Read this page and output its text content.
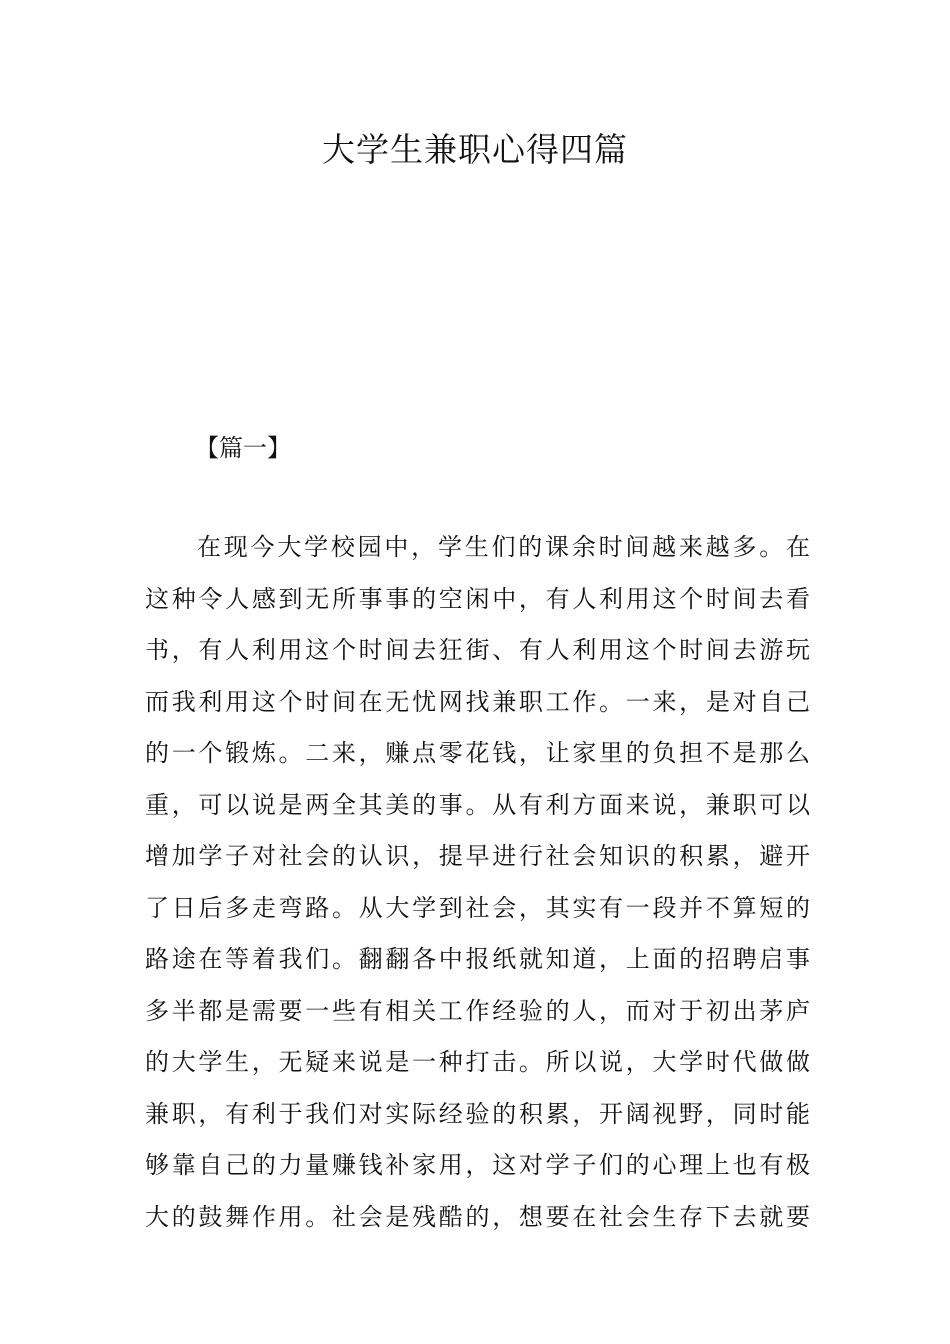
大学生兼职心得四篇
【篇一】
在现今大学校园中，学生们的课余时间越来越多。在
这种令人感到无所事事的空闲中，有人利用这个时间去看
书，有人利用这个时间去狂街、有人利用这个时间去游玩
而我利用这个时间在无忧网找兼职工作。一来，是对自己
的一个锻炼。二来，赚点零花钱，让家里的负担不是那么
重，可以说是两全其美的事。从有利方面来说，兼职可以
增加学子对社会的认识，提早进行社会知识的积累，避开
了日后多走弯路。从大学到社会，其实有一段并不算短的
路途在等着我们。翻翻各中报纸就知道，上面的招聘启事
多半都是需要一些有相关工作经验的人，而对于初出茅庐
的大学生，无疑来说是一种打击。所以说，大学时代做做
兼职，有利于我们对实际经验的积累，开阔视野，同时能
够靠自己的力量赚钱补家用，这对学子们的心理上也有极
大的鼓舞作用。社会是残酷的，想要在社会生存下去就要
